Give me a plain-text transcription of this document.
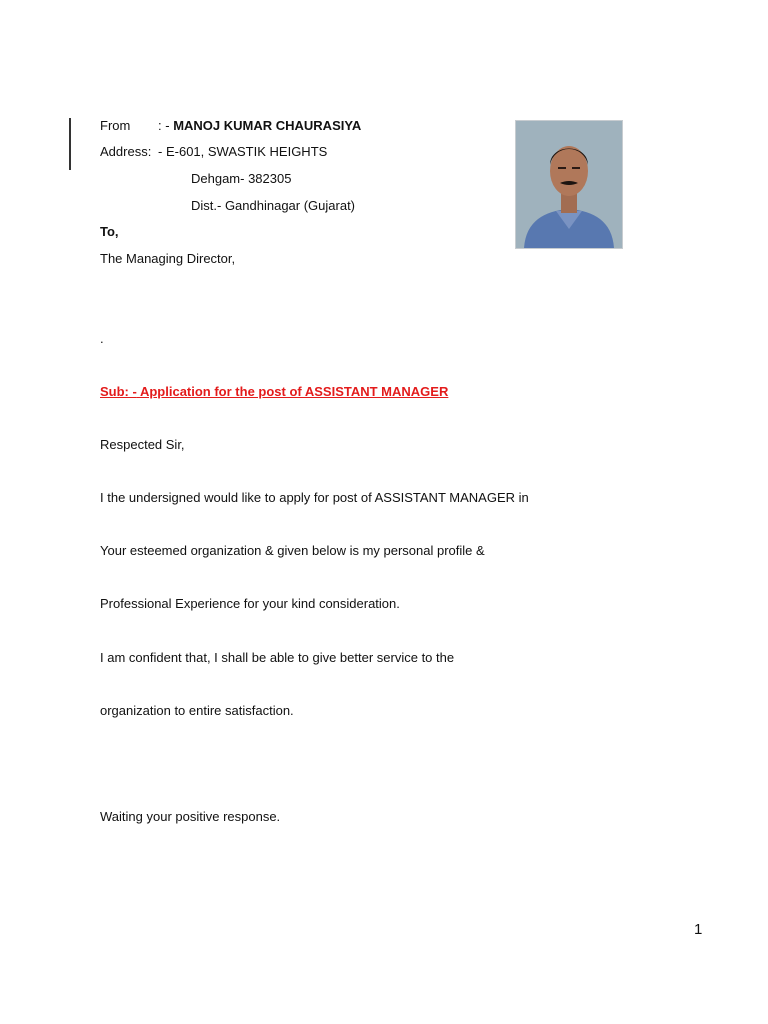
From : - MANOJ KUMAR CHAURASIYA
Address: - E-601, SWASTIK HEIGHTS
Dehgam- 382305
Dist.- Gandhinagar (Gujarat)
To,
The Managing Director,
.
Sub: - Application for the post of ASSISTANT MANAGER
Respected Sir,
I the undersigned would like to apply for post of ASSISTANT MANAGER in
Your esteemed organization & given below is my personal profile &
Professional Experience for your kind consideration.
I am confident that, I shall be able to give better service to the
organization to entire satisfaction.
Waiting your positive response.
1
